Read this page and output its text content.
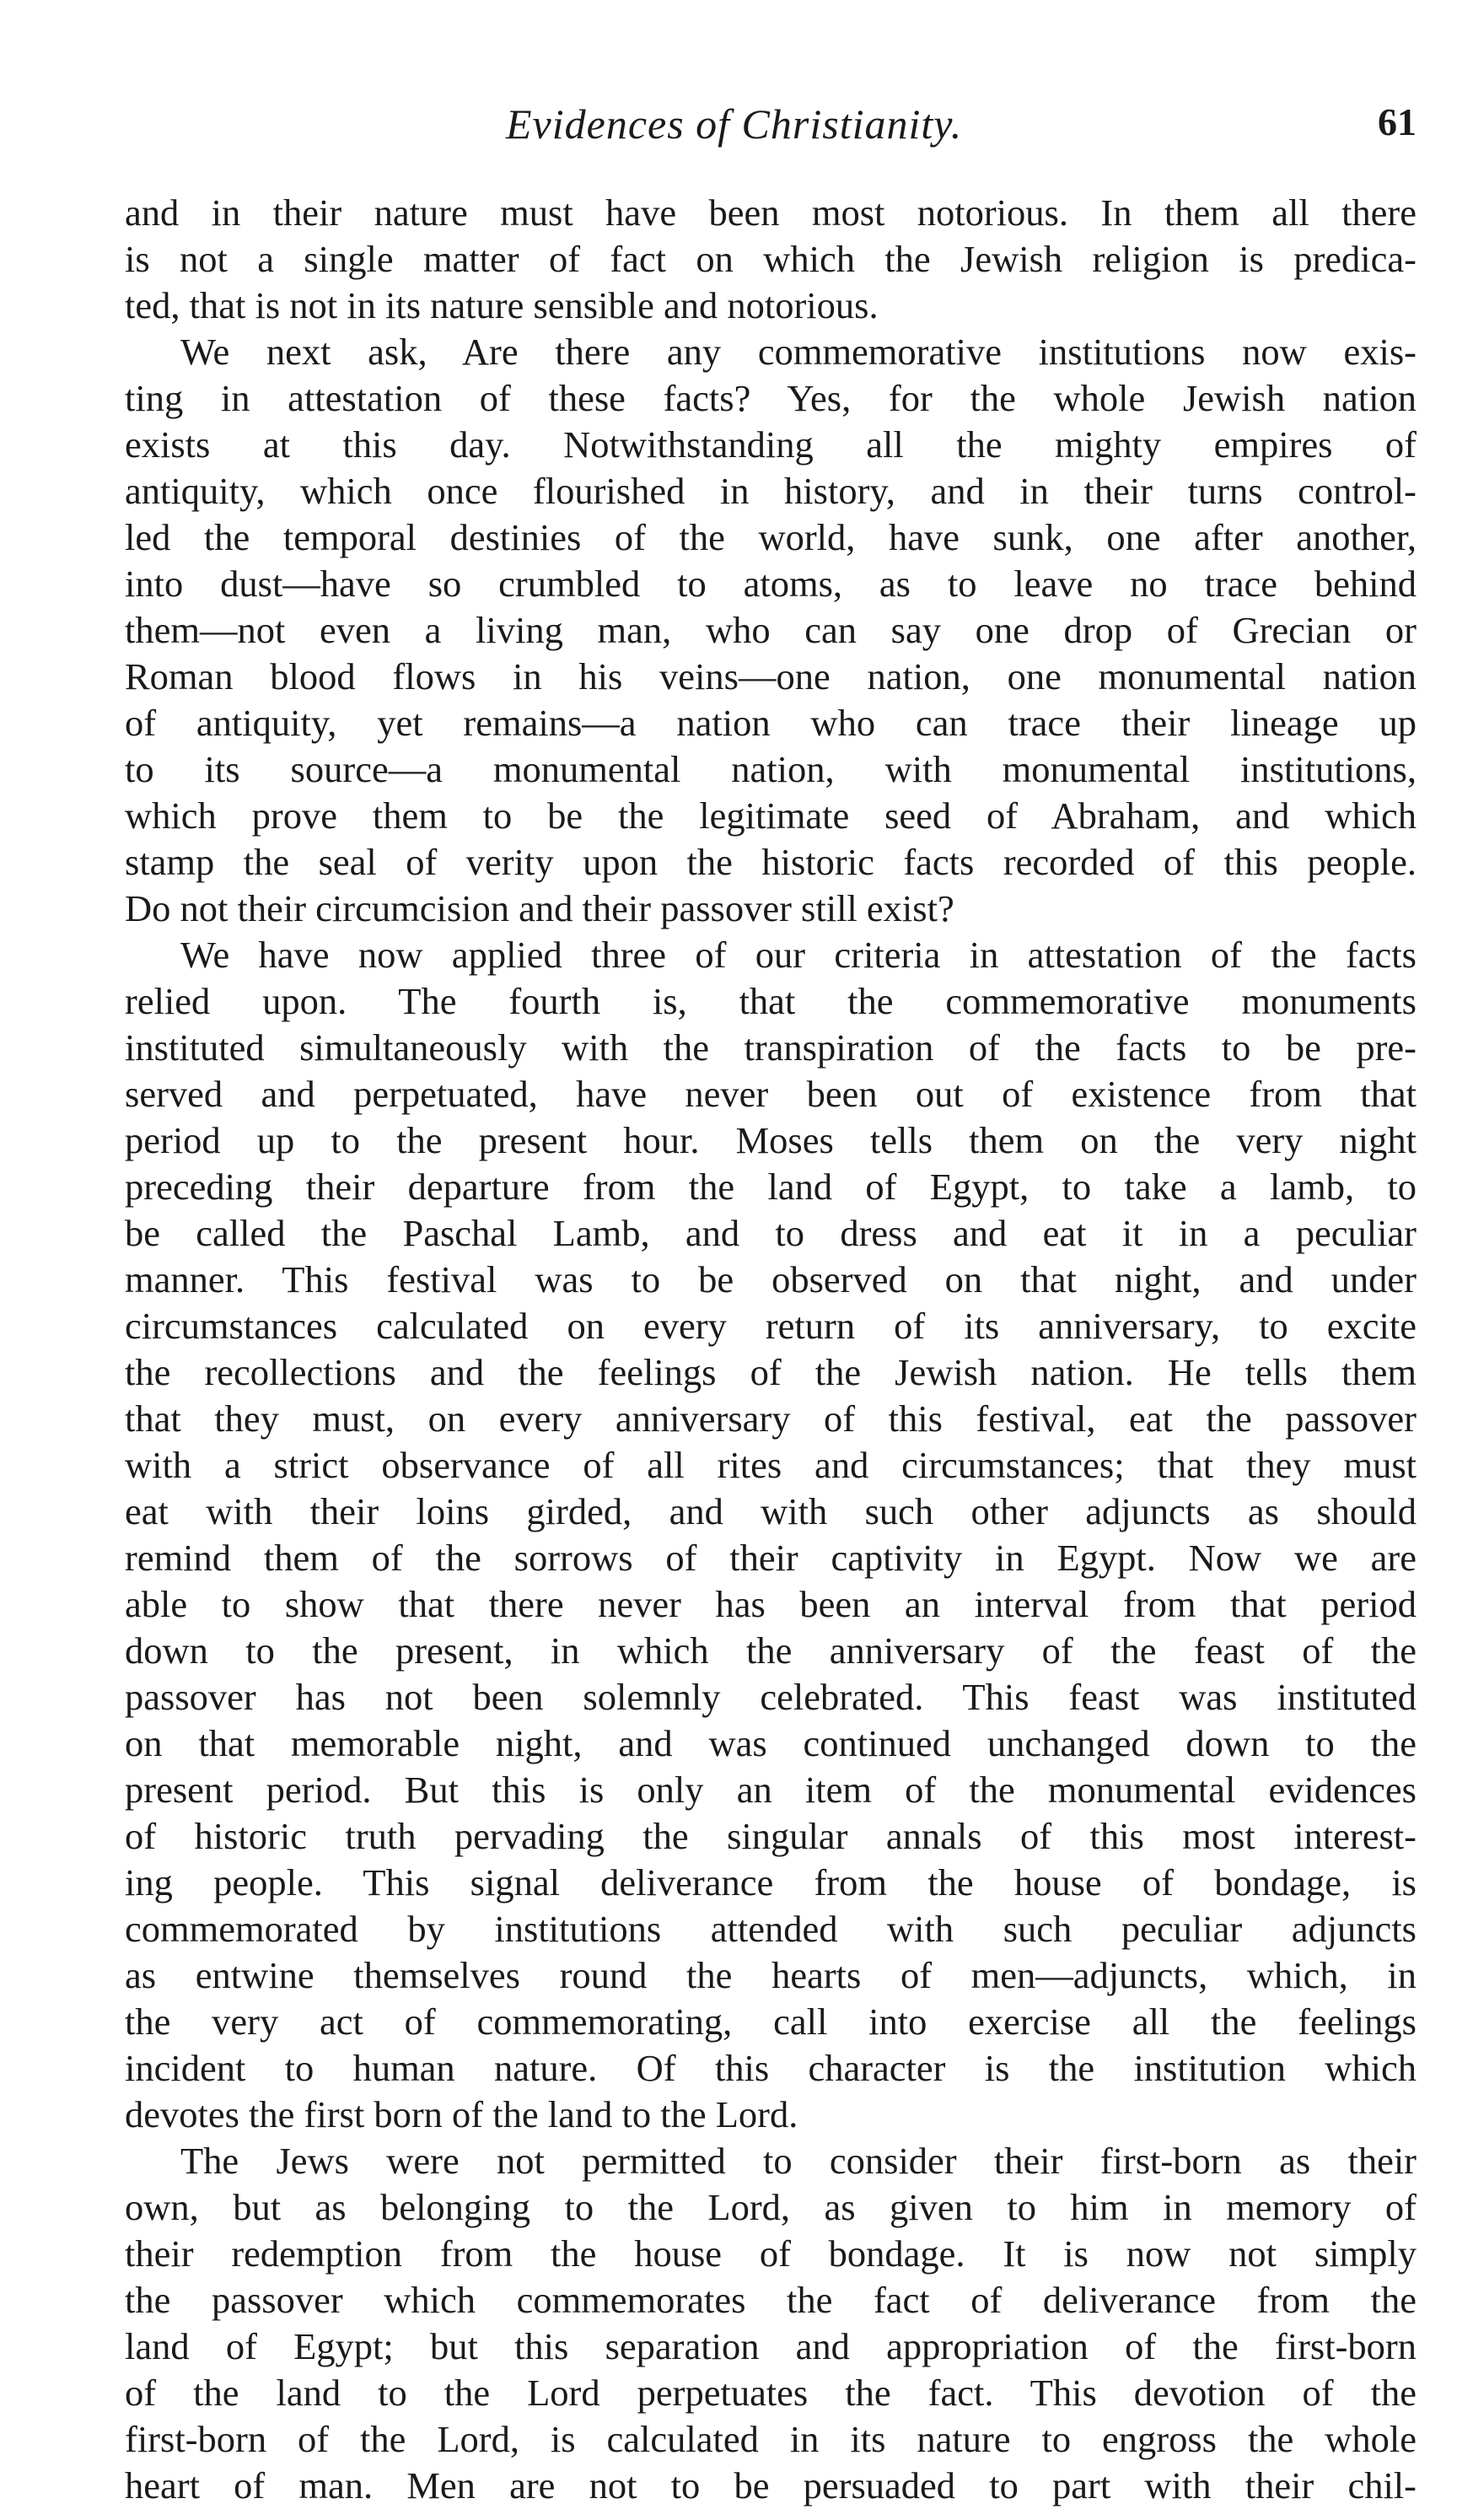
Evidences of Christianity.	61
and in their nature must have been most notorious. In them all there
is not a single matter of fact on which the Jewish religion is predica-
ted, that is not in its nature sensible and notorious.
We next ask, Are there any commemorative institutions now exis-
ting in attestation of these facts? Yes, for the whole Jewish nation
exists at this day. Notwithstanding all the mighty empires of
antiquity, which once flourished in history, and in their turns control-
led the temporal destinies of the world, have sunk, one after another,
into dust—have so crumbled to atoms, as to leave no trace behind
them—not even a living man, who can say one drop of Grecian or
Roman blood flows in his veins—one nation, one monumental nation
of antiquity, yet remains—a nation who can trace their lineage up
to its source—a monumental nation, with monumental institutions,
which prove them to be the legitimate seed of Abraham, and which
stamp the seal of verity upon the historic facts recorded of this people.
Do not their circumcision and their passover still exist?
We have now applied three of our criteria in attestation of the facts
relied upon. The fourth is, that the commemorative monuments
instituted simultaneously with the transpiration of the facts to be pre-
served and perpetuated, have never been out of existence from that
period up to the present hour. Moses tells them on the very night
preceding their departure from the land of Egypt, to take a lamb, to
be called the Paschal Lamb, and to dress and eat it in a peculiar
manner. This festival was to be observed on that night, and under
circumstances calculated on every return of its anniversary, to excite
the recollections and the feelings of the Jewish nation. He tells them
that they must, on every anniversary of this festival, eat the passover
with a strict observance of all rites and circumstances; that they must
eat with their loins girded, and with such other adjuncts as should
remind them of the sorrows of their captivity in Egypt. Now we are
able to show that there never has been an interval from that period
down to the present, in which the anniversary of the feast of the
passover has not been solemnly celebrated. This feast was instituted
on that memorable night, and was continued unchanged down to the
present period. But this is only an item of the monumental evidences
of historic truth pervading the singular annals of this most interest-
ing people. This signal deliverance from the house of bondage, is
commemorated by institutions attended with such peculiar adjuncts
as entwine themselves round the hearts of men—adjuncts, which, in
the very act of commemorating, call into exercise all the feelings
incident to human nature. Of this character is the institution which
devotes the first born of the land to the Lord.
The Jews were not permitted to consider their first-born as their
own, but as belonging to the Lord, as given to him in memory of
their redemption from the house of bondage. It is now not simply
the passover which commemorates the fact of deliverance from the
land of Egypt; but this separation and appropriation of the first-born
of the land to the Lord perpetuates the fact. This devotion of the
first-born of the Lord, is calculated in its nature to engross the whole
heart of man. Men are not to be persuaded to part with their chil-
